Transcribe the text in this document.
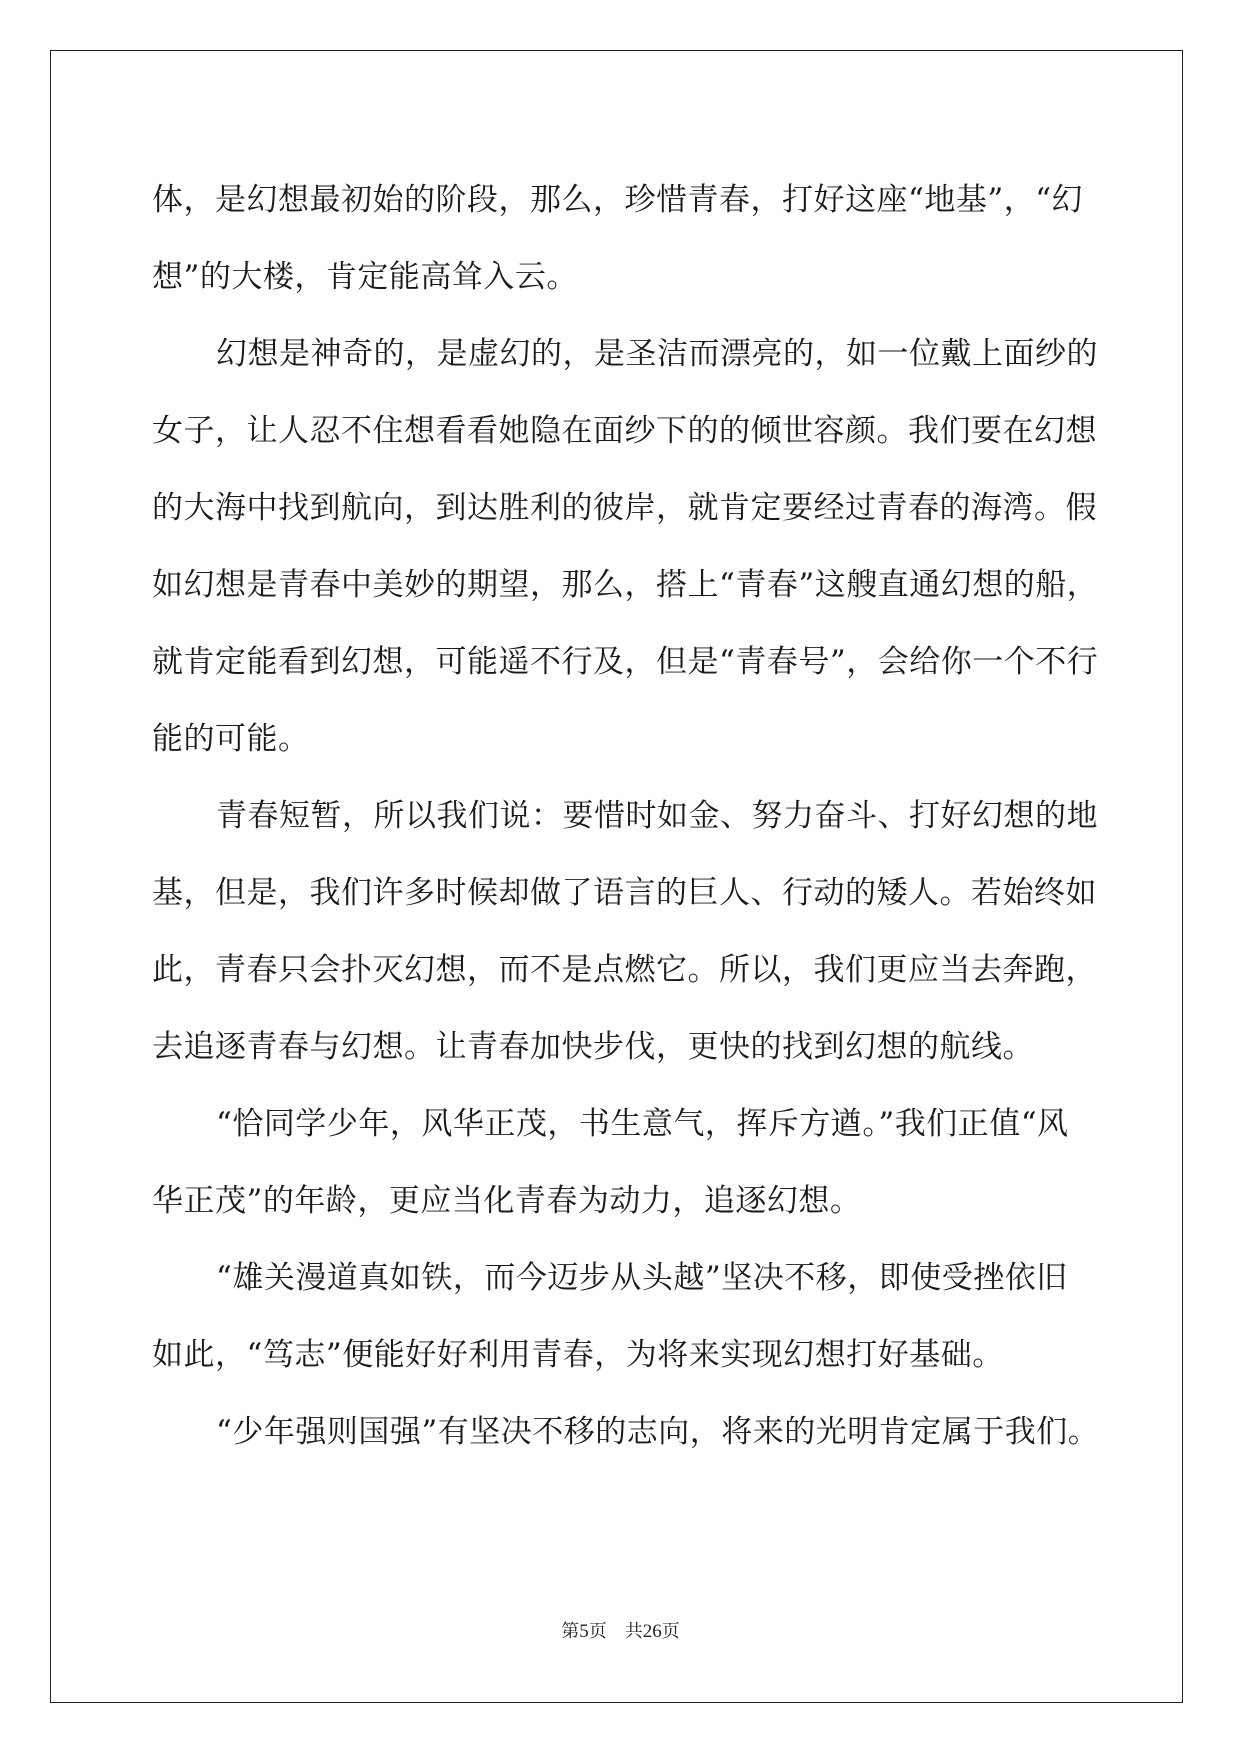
体，是幻想最初始的阶段，那么，珍惜青春，打好这座“地基”，“幻
想”的大楼，肯定能高耸入云。
幻想是神奇的，是虚幻的，是圣洁而漂亮的，如一位戴上面纱的
女子，让人忍不住想看看她隐在面纱下的的倾世容颜。我们要在幻想
的大海中找到航向，到达胜利的彼岸，就肯定要经过青春的海湾。假
如幻想是青春中美妙的期望，那么，搭上“青春”这艘直通幻想的船，
就肯定能看到幻想，可能遥不行及，但是“青春号”，会给你一个不行
能的可能。
青春短暂，所以我们说：要惜时如金、努力奋斗、打好幻想的地
基，但是，我们许多时候却做了语言的巨人、行动的矮人。若始终如
此，青春只会扑灭幻想，而不是点燃它。所以，我们更应当去奔跑，
去追逐青春与幻想。让青春加快步伐，更快的找到幻想的航线。
“恰同学少年，风华正茂，书生意气，挥斥方遒。”我们正值“风
华正茂”的年龄，更应当化青春为动力，追逐幻想。
“雄关漫道真如铁，而今迈步从头越”坚决不移，即使受挫依旧
如此，“笃志”便能好好利用青春，为将来实现幻想打好基础。
“少年强则国强”有坚决不移的志向，将来的光明肯定属于我们。
第5页 共26页
